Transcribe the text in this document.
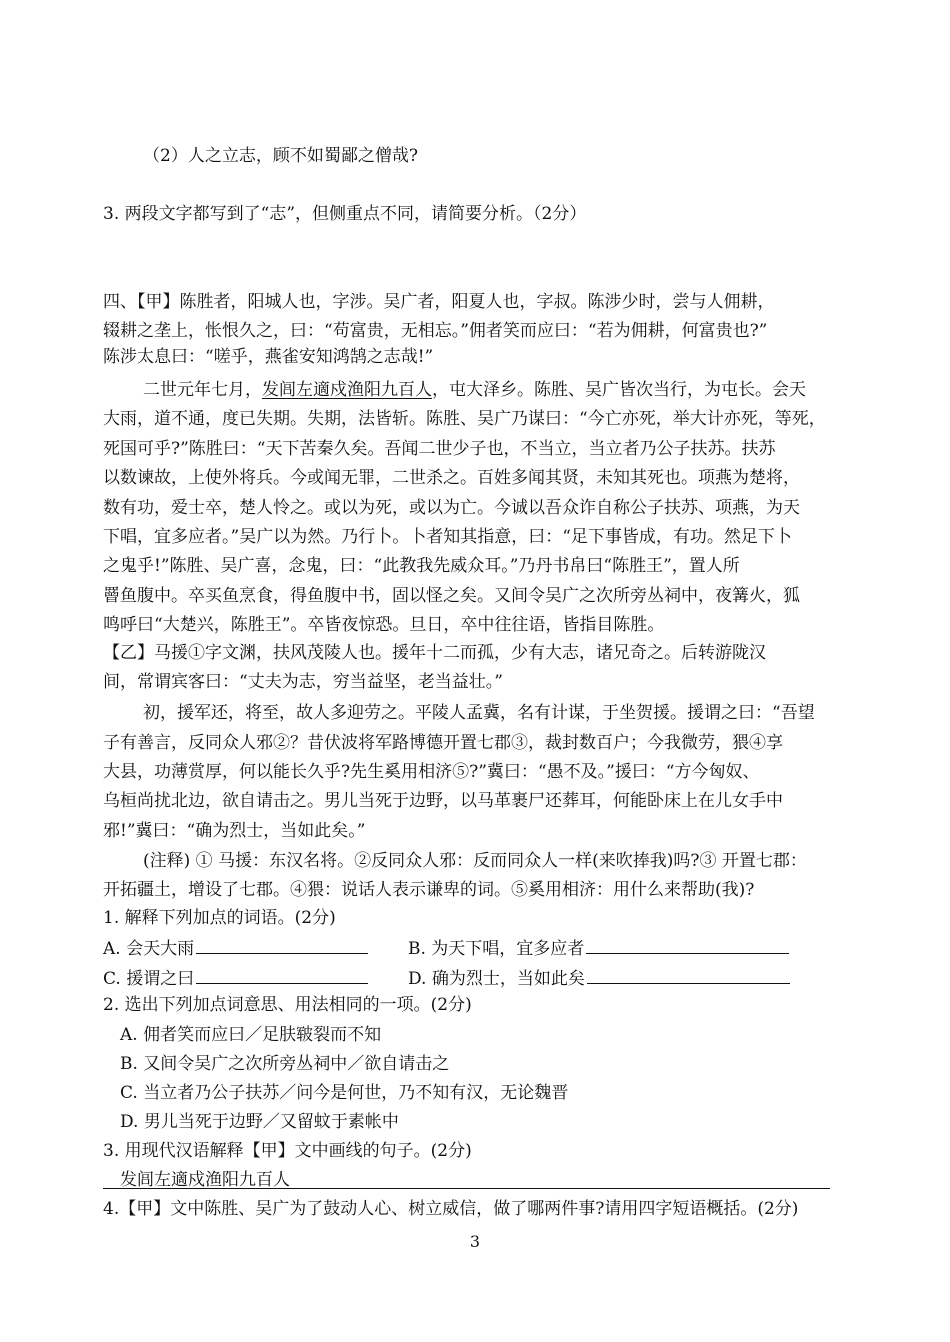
（2）人之立志，顾不如蜀鄙之僧哉?
3. 两段文字都写到了“志”，但侧重点不同，请简要分析。（2分）
四、【甲】陈胜者，阳城人也，字涉。吴广者，阳夏人也，字叔。陈涉少时，尝与人佣耕，
辍耕之垄上，怅恨久之，曰：“苟富贵，无相忘。”佣者笑而应曰：“若为佣耕，何富贵也?”
陈涉太息曰：“嗟乎，燕雀安知鸿鹄之志哉!”
二世元年七月，发闾左適戍渔阳九百人，屯大泽乡。陈胜、吴广皆次当行，为屯长。会天
大雨，道不通，度已失期。失期，法皆斩。陈胜、吴广乃谋曰：“今亡亦死，举大计亦死，等死，
死国可乎?”陈胜曰：“天下苦秦久矣。吾闻二世少子也，不当立，当立者乃公子扶苏。扶苏
以数谏故，上使外将兵。今或闻无罪，二世杀之。百姓多闻其贤，未知其死也。项燕为楚将，
数有功，爱士卒，楚人怜之。或以为死，或以为亡。今诚以吾众诈自称公子扶苏、项燕，为天
下唱，宜多应者。”吴广以为然。乃行卜。卜者知其指意，曰：“足下事皆成，有功。然足下卜
之鬼乎!”陈胜、吴广喜，念鬼，曰：“此教我先威众耳。”乃丹书帛曰“陈胜王”，置人所
罾鱼腹中。卒买鱼烹食，得鱼腹中书，固以怪之矣。又间令吴广之次所旁丛祠中，夜篝火，狐
鸣呼曰“大楚兴，陈胜王”。卒皆夜惊恐。旦日，卒中往往语，皆指目陈胜。
【乙】马援①字文渊，扶风茂陵人也。援年十二而孤，少有大志，诸兄奇之。后转游陇汉
间，常谓宾客曰：“丈夫为志，穷当益坚，老当益壮。”
初，援军还，将至，故人多迎劳之。平陵人孟冀，名有计谋，于坐贺援。援谓之曰：“吾望
子有善言，反同众人邪②？昔伏波将军路博德开置七郡③，裁封数百户；今我微劳，猥④享
大县，功薄赏厚，何以能长久乎?先生奚用相济⑤?”冀曰：“愚不及。”援曰：“方今匈奴、
乌桓尚扰北边，欲自请击之。男儿当死于边野，以马革裹尸还葬耳，何能卧床上在儿女手中
邪!”冀曰：“确为烈士，当如此矣。”
(注释) ① 马援：东汉名将。②反同众人邪：反而同众人一样(来吹捧我)吗?③ 开置七郡：
开拓疆土，增设了七郡。④猥：说话人表示谦卑的词。⑤奚用相济：用什么来帮助(我)?
1. 解释下列加点的词语。(2分)
A. 会天大雨	B. 为天下唱，宜多应者
C. 援谓之曰	D. 确为烈士，当如此矣
2. 选出下列加点词意思、用法相同的一项。(2分)
A. 佣者笑而应曰／足肤皲裂而不知
B. 又间令吴广之次所旁丛祠中／欲自请击之
C. 当立者乃公子扶苏／问今是何世，乃不知有汉，无论魏晋
D. 男儿当死于边野／又留蚊于素帐中
3. 用现代汉语解释【甲】文中画线的句子。(2分)
发闾左適戍渔阳九百人
4.【甲】文中陈胜、吴广为了鼓动人心、树立威信，做了哪两件事?请用四字短语概括。(2分)
3
